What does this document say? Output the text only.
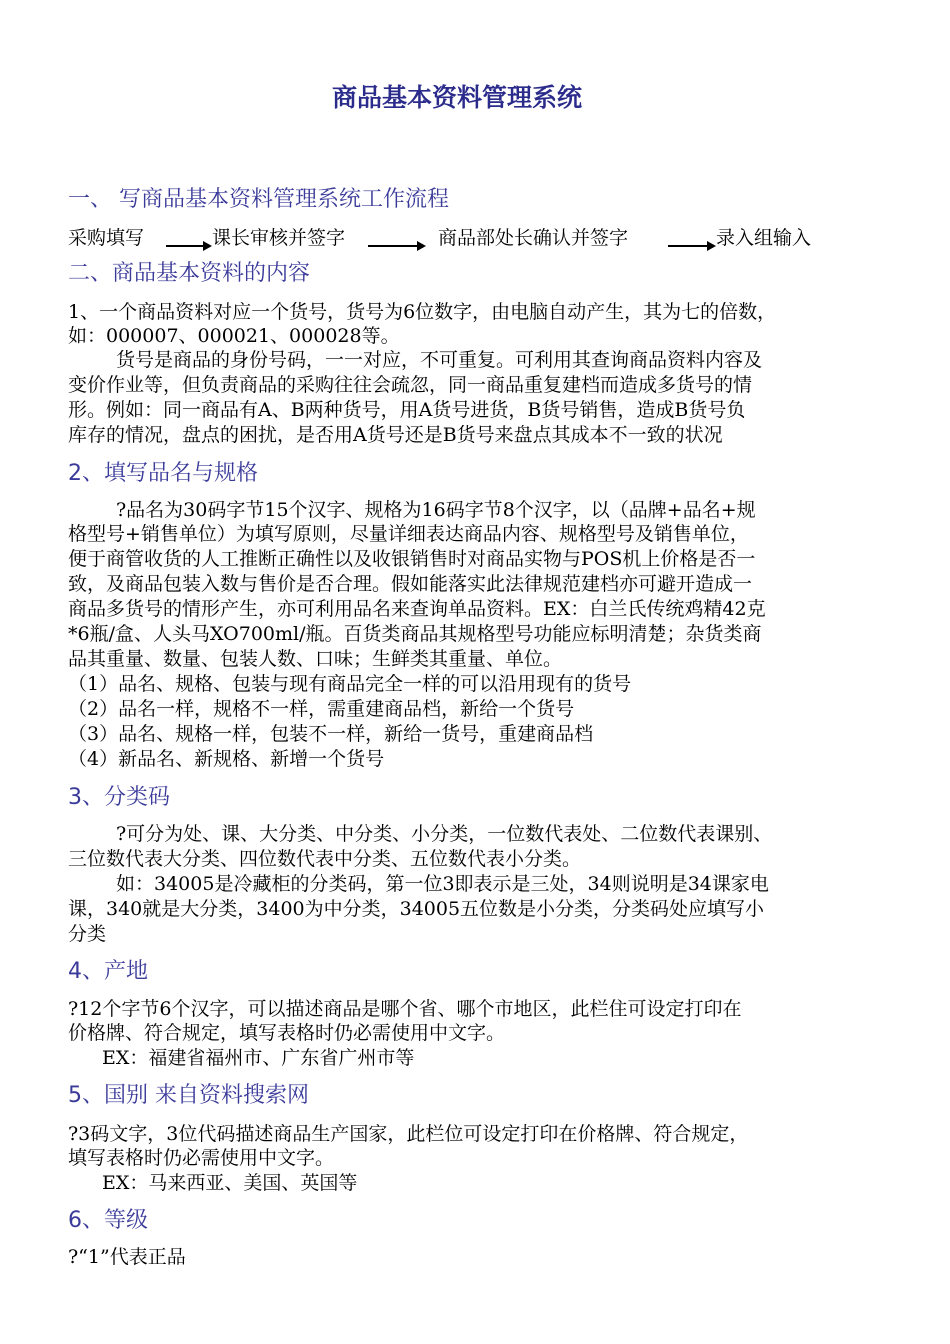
商品基本资料管理系统
一、 写商品基本资料管理系统工作流程
采购填写	课长审核并签字	商品部处长确认并签字	录入组输入
二、商品基本资料的内容
1、一个商品资料对应一个货号，货号为6位数字，由电脑自动产生，其为七的倍数，
如：000007、000021、000028等。
货号是商品的身份号码，一一对应，不可重复。可利用其查询商品资料内容及
变价作业等，但负责商品的采购往往会疏忽，同一商品重复建档而造成多货号的情
形。例如：同一商品有A、B两种货号，用A货号进货，B货号销售，造成B货号负
库存的情况，盘点的困扰，是否用A货号还是B货号来盘点其成本不一致的状况
2、填写品名与规格
?品名为30码字节15个汉字、规格为16码字节8个汉字，以（品牌+品名+规
格型号+销售单位）为填写原则，尽量详细表达商品内容、规格型号及销售单位，
便于商管收货的人工推断正确性以及收银销售时对商品实物与POS机上价格是否一
致，及商品包装入数与售价是否合理。假如能落实此法律规范建档亦可避开造成一
商品多货号的情形产生，亦可利用品名来查询单品资料。EX：白兰氏传统鸡精42克
*6瓶/盒、人头马XO700ml/瓶。百货类商品其规格型号功能应标明清楚；杂货类商
品其重量、数量、包装人数、口味；生鲜类其重量、单位。
（1）品名、规格、包装与现有商品完全一样的可以沿用现有的货号
（2）品名一样，规格不一样，需重建商品档，新给一个货号
（3）品名、规格一样，包装不一样，新给一货号，重建商品档
（4）新品名、新规格、新增一个货号
3、分类码
?可分为处、课、大分类、中分类、小分类，一位数代表处、二位数代表课别、
三位数代表大分类、四位数代表中分类、五位数代表小分类。
如：34005是冷藏柜的分类码，第一位3即表示是三处，34则说明是34课家电
课，340就是大分类，3400为中分类，34005五位数是小分类，分类码处应填写小
分类
4、产地
?12个字节6个汉字，可以描述商品是哪个省、哪个市地区，此栏住可设定打印在
价格牌、符合规定，填写表格时仍必需使用中文字。
EX：福建省福州市、广东省广州市等
5、国别 来自资料搜索网
?3码文字，3位代码描述商品生产国家，此栏位可设定打印在价格牌、符合规定，
填写表格时仍必需使用中文字。
EX：马来西亚、美国、英国等
6、等级
?“1”代表正品
